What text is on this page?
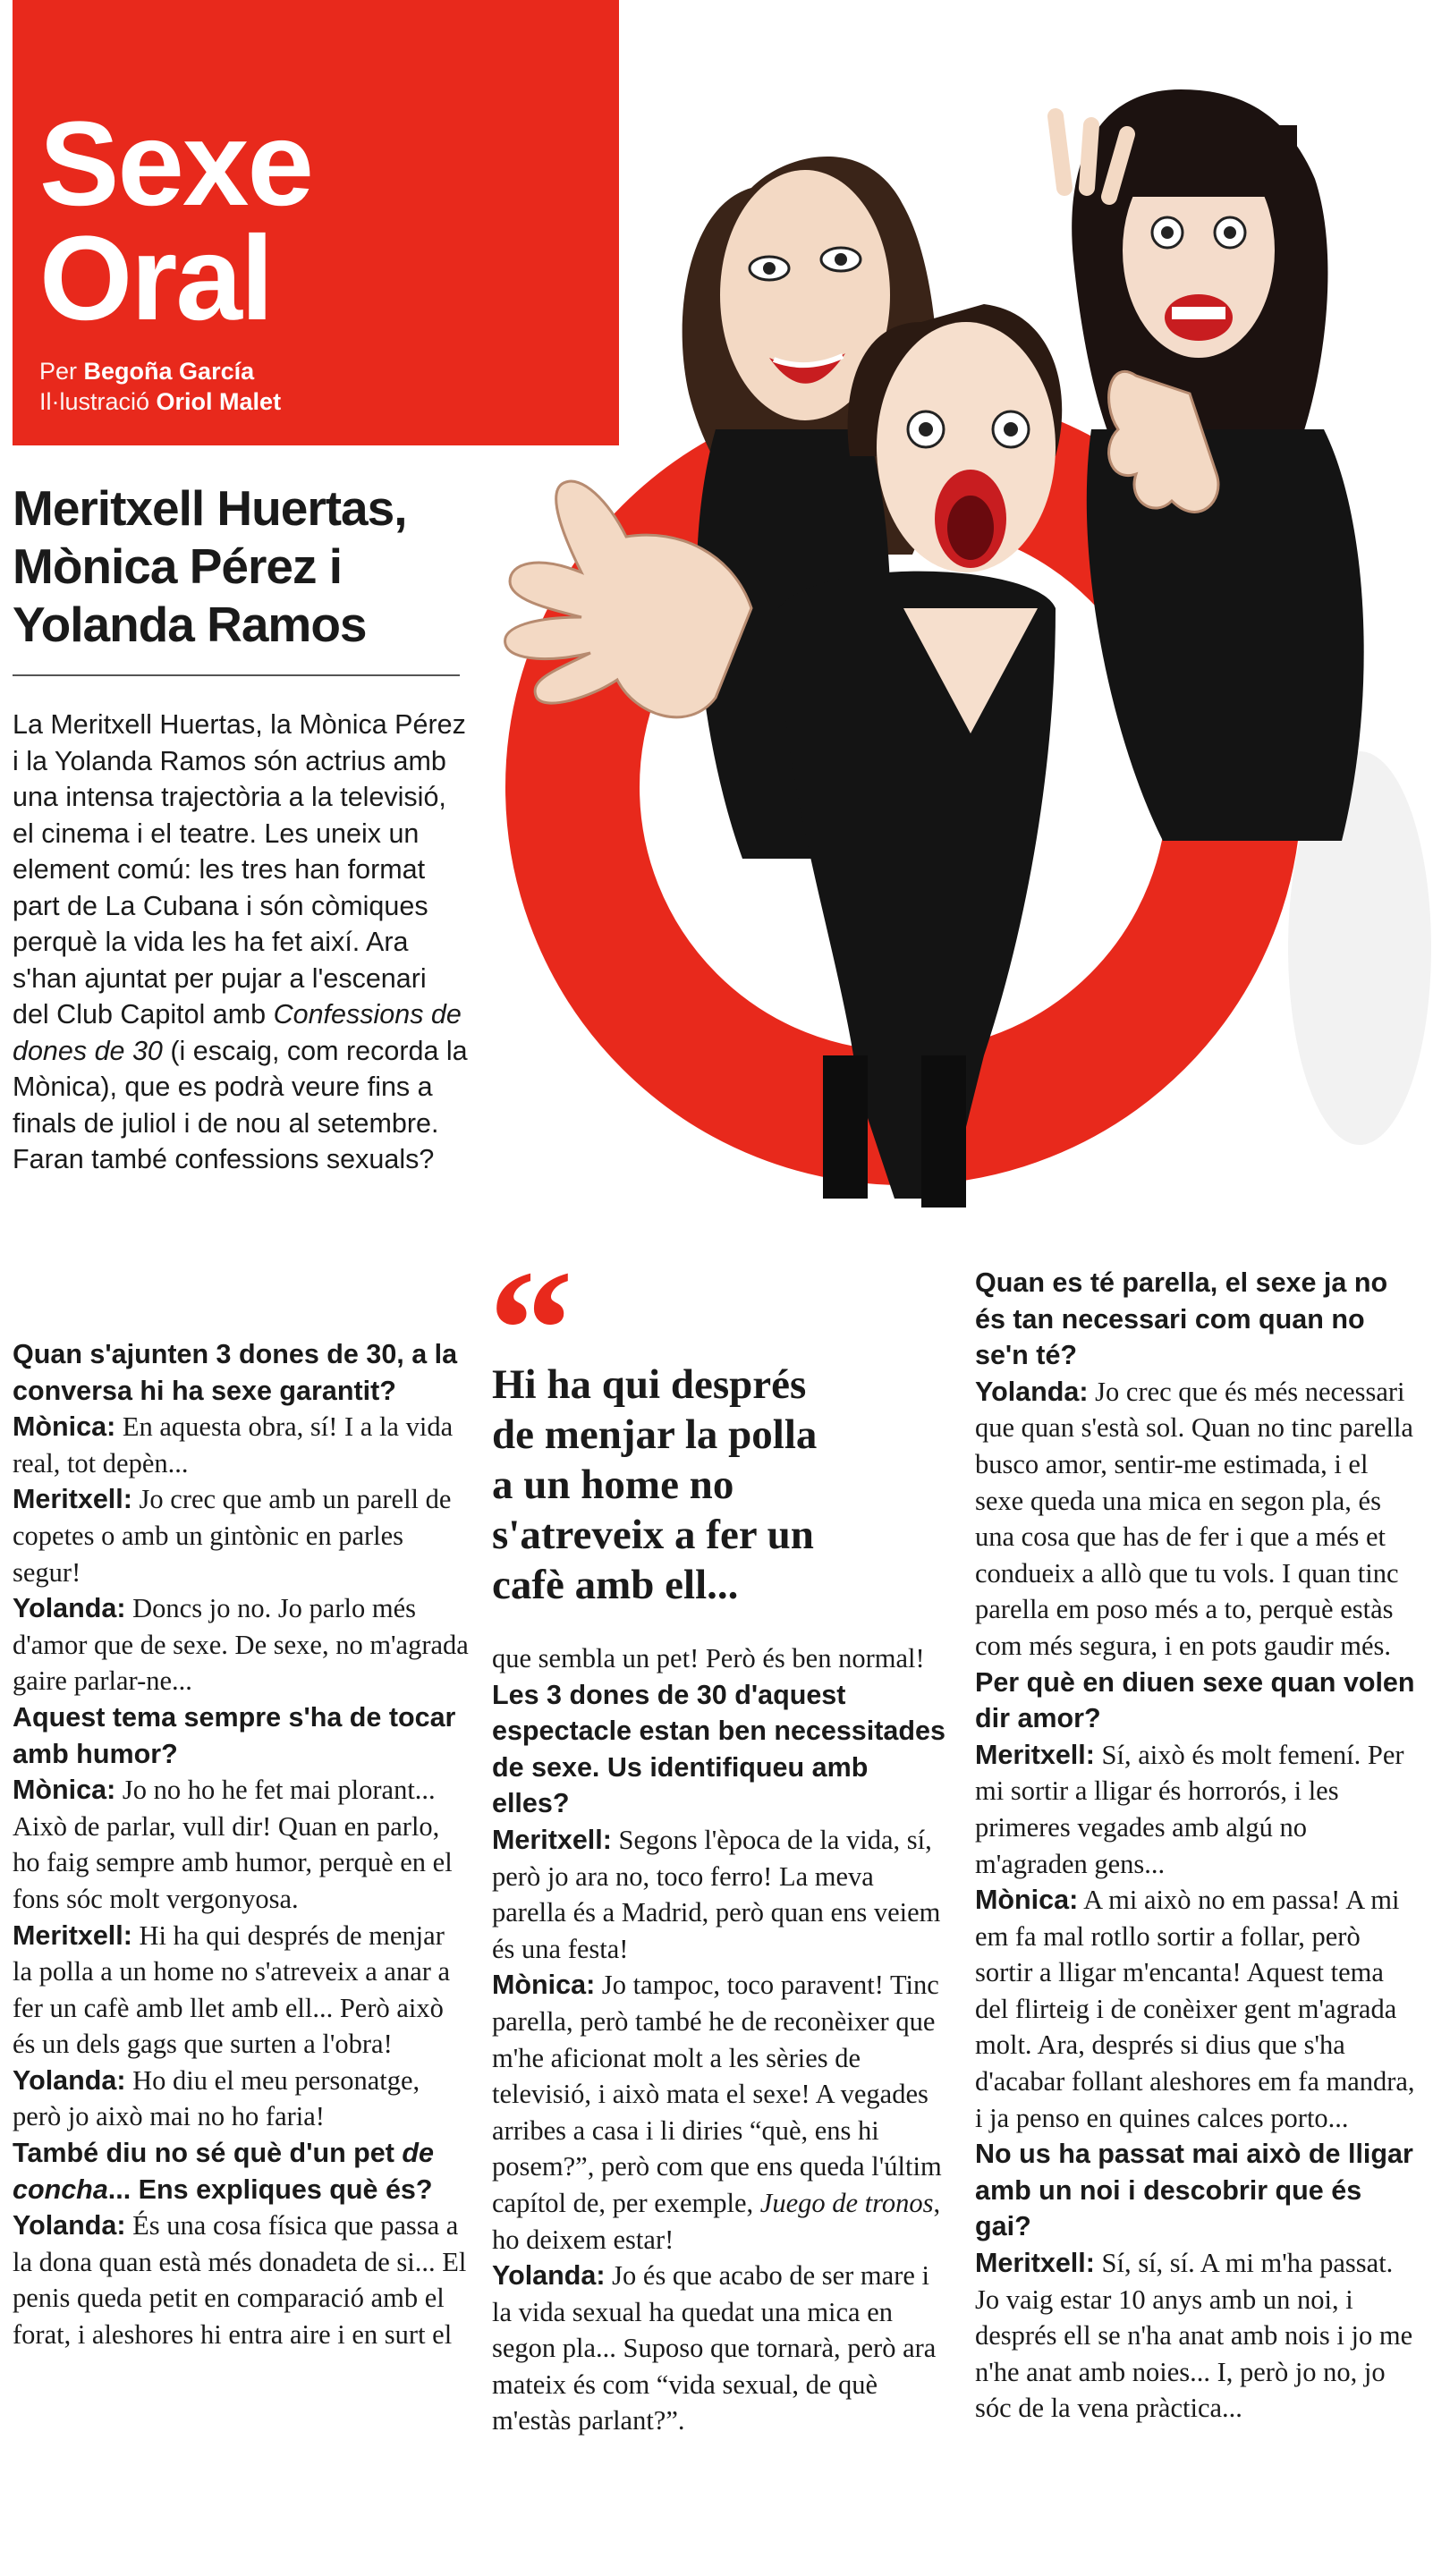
Sexe
Oral
Per Begoña García
Il·lustració Oriol Malet
Meritxell Huertas,
Mònica Pérez i
Yolanda Ramos
La Meritxell Huertas, la Mònica Pérez i la Yolanda Ramos són actrius amb una intensa trajectòria a la televisió, el cinema i el teatre. Les uneix un element comú: les tres han format part de La Cubana i són còmiques perquè la vida les ha fet així. Ara s'han ajuntat per pujar a l'escenari del Club Capitol amb Confessions de dones de 30 (i escaig, com recorda la Mònica), que es podrà veure fins a finals de juliol i de nou al setembre. Faran també confessions sexuals?
“
Hi ha qui després
de menjar la polla
a un home no
s'atreveix a fer un
cafè amb ell...

Quan s'ajunten 3 dones de 30, a la conversa hi ha sexe garantit?

Mònica: En aquesta obra, sí! I a la vida real, tot depèn...

Meritxell: Jo crec que amb un parell de copetes o amb un gintònic en parles segur!

Yolanda: Doncs jo no. Jo parlo més d'amor que de sexe. De sexe, no m'agrada gaire parlar-ne...

Aquest tema sempre s'ha de tocar amb humor?

Mònica: Jo no ho he fet mai plorant... Això de parlar, vull dir! Quan en parlo, ho faig sempre amb humor, perquè en el fons sóc molt vergonyosa.

Meritxell: Hi ha qui després de menjar la polla a un home no s'atreveix a anar a fer un cafè amb llet amb ell... Però això és un dels gags que surten a l'obra!

Yolanda: Ho diu el meu personatge, però jo això mai no ho faria!

També diu no sé què d'un pet de concha... Ens expliques què és?

Yolanda: És una cosa física que passa a la dona quan està més donadeta de si... El penis queda petit en comparació amb el forat, i aleshores hi entra aire i en surt el

que sembla un pet! Però és ben normal!

Les 3 dones de 30 d'aquest espectacle estan ben necessitades de sexe. Us identifiqueu amb elles?

Meritxell: Segons l'època de la vida, sí, però jo ara no, toco ferro! La meva parella és a Madrid, però quan ens veiem és una festa!

Mònica: Jo tampoc, toco paravent! Tinc parella, però també he de reconèixer que m'he aficionat molt a les sèries de televisió, i això mata el sexe! A vegades arribes a casa i li diries “què, ens hi posem?”, però com que ens queda l'últim capítol de, per exemple, Juego de tronos, ho deixem estar!

Yolanda: Jo és que acabo de ser mare i la vida sexual ha quedat una mica en segon pla... Suposo que tornarà, però ara mateix és com “vida sexual, de què m'estàs parlant?”.

Quan es té parella, el sexe ja no és tan necessari com quan no se'n té?

Yolanda: Jo crec que és més necessari que quan s'està sol. Quan no tinc parella busco amor, sentir-me estimada, i el sexe queda una mica en segon pla, és una cosa que has de fer i que a més et condueix a allò que tu vols. I quan tinc parella em poso més a to, perquè estàs com més segura, i en pots gaudir més.

Per què en diuen sexe quan volen dir amor?

Meritxell: Sí, això és molt femení. Per mi sortir a lligar és horrorós, i les primeres vegades amb algú no m'agraden gens...

Mònica: A mi això no em passa! A mi em fa mal rotllo sortir a follar, però sortir a lligar m'encanta! Aquest tema del flirteig i de conèixer gent m'agrada molt. Ara, després si dius que s'ha d'acabar follant aleshores em fa mandra, i ja penso en quines calces porto...

No us ha passat mai això de lligar amb un noi i descobrir que és gai?

Meritxell: Sí, sí, sí. A mi m'ha passat. Jo vaig estar 10 anys amb un noi, i després ell se n'ha anat amb nois i jo me n'he anat amb noies... I, però jo no, jo sóc de la vena pràctica...
